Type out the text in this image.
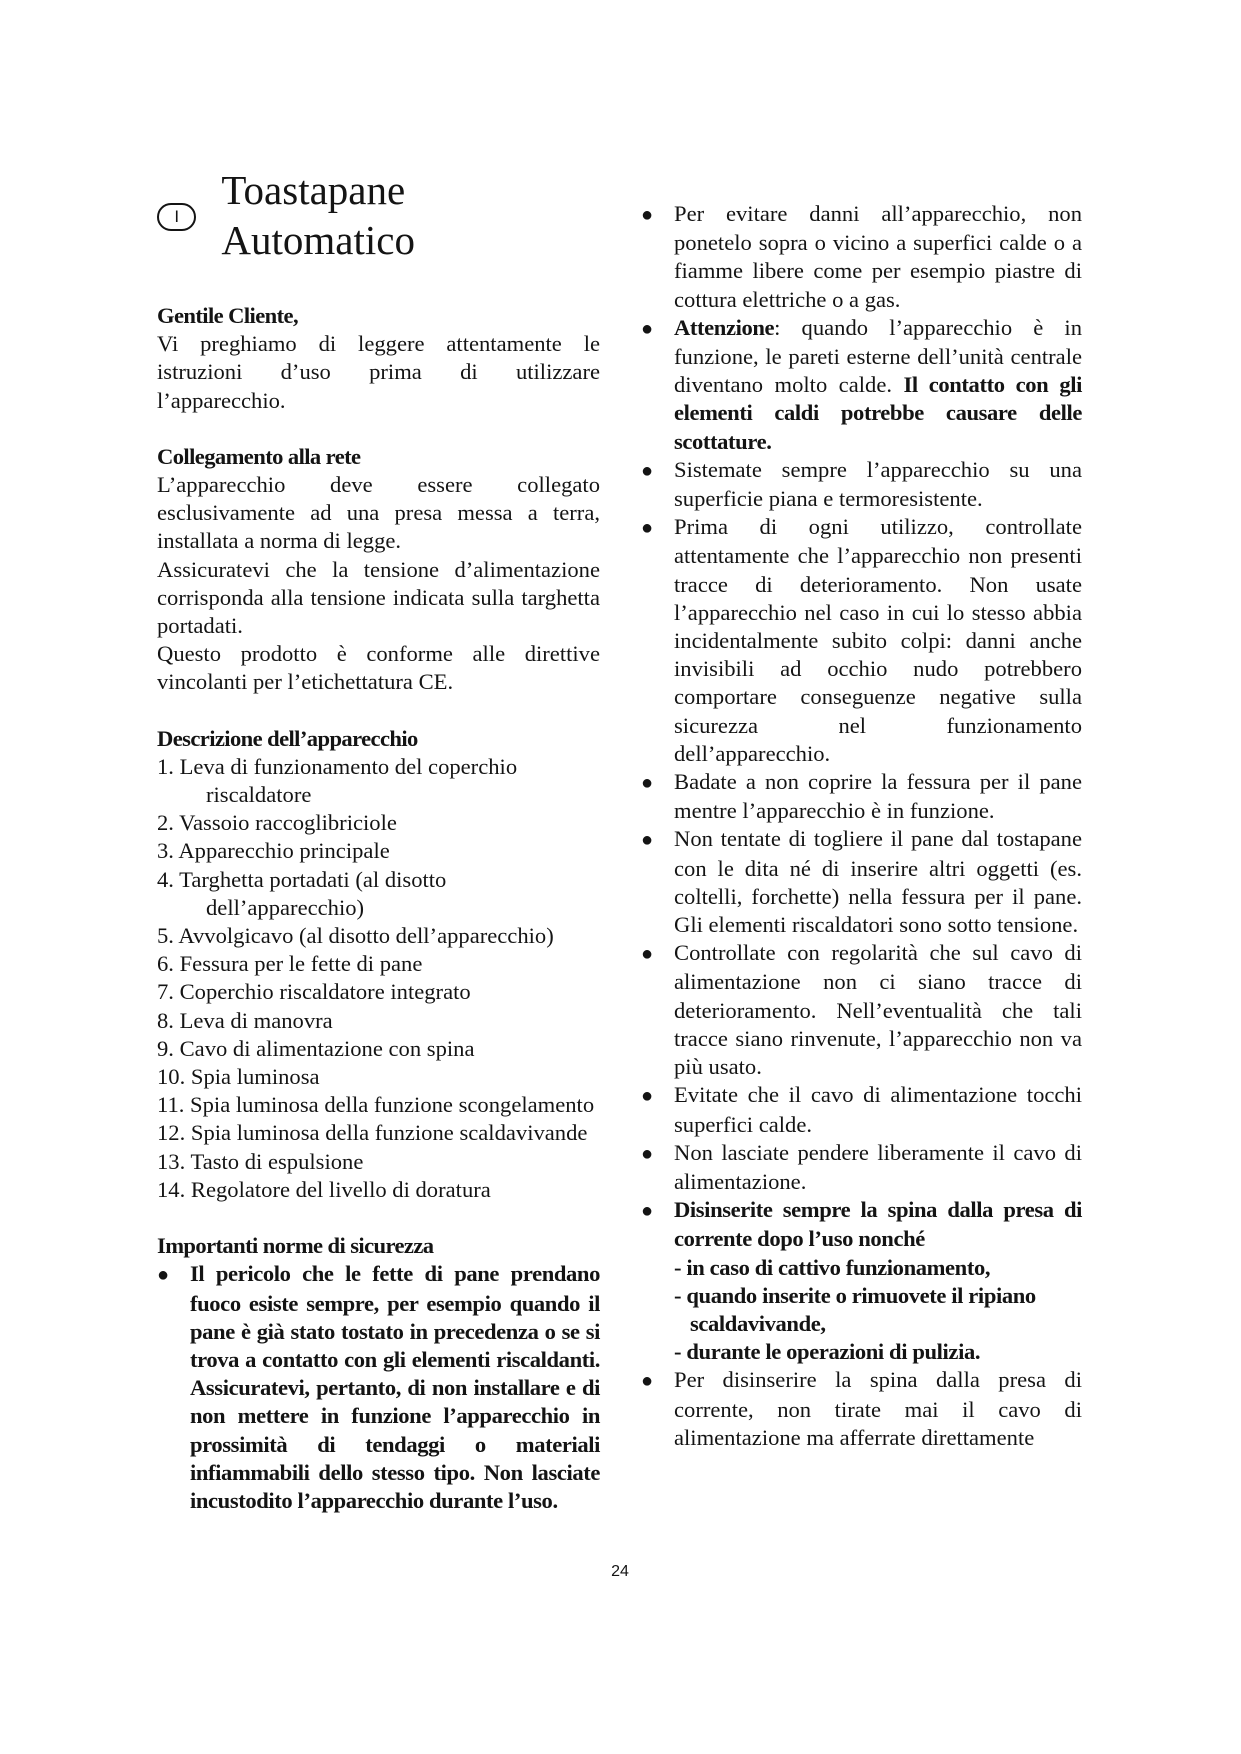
I
Toastapane Automatico
Gentile Cliente,

Vi preghiamo di leggere attentamente le istruzioni d’uso prima di utilizzare l’apparecchio.

Collegamento alla rete

L’apparecchio deve essere collegato esclusivamente ad una presa messa a terra, installata a norma di legge.

Assicuratevi che la tensione d’alimentazione corrisponda alla tensione indicata sulla targhetta portadati.

Questo prodotto è conforme alle direttive vincolanti per l’etichettatura CE.

Descrizione dell’apparecchio
1. Leva di funzionamento del coperchio riscaldatore
2. Vassoio raccoglibriciole
3. Apparecchio principale
4. Targhetta portadati (al disotto dell’apparecchio)
5. Avvolgicavo (al disotto dell’apparecchio)
6. Fessura per le fette di pane
7. Coperchio riscaldatore integrato
8. Leva di manovra
9. Cavo di alimentazione con spina
10. Spia luminosa
11. Spia luminosa della funzione scongelamento
12. Spia luminosa della funzione scaldavivande
13. Tasto di espulsione
14. Regolatore del livello di doratura
Importanti norme di sicurezza
● Il pericolo che le fette di pane prendano fuoco esiste sempre, per esempio quando il pane è già stato tostato in precedenza o se si trova a contatto con gli elementi riscaldanti. Assicuratevi, pertanto, di non installare e di non mettere in funzione l’apparecchio in prossimità di tendaggi o materiali infiammabili dello stesso tipo. Non lasciate incustodito l’apparecchio durante l’uso.
● Per evitare danni all’apparecchio, non ponetelo sopra o vicino a superfici calde o a fiamme libere come per esempio piastre di cottura elettriche o a gas.
● Attenzione: quando l’apparecchio è in funzione, le pareti esterne dell’unità centrale diventano molto calde. Il contatto con gli elementi caldi potrebbe causare delle scottature.
● Sistemate sempre l’apparecchio su una superficie piana e termoresistente.
● Prima di ogni utilizzo, controllate attentamente che l’apparecchio non presenti tracce di deterioramento. Non usate l’apparecchio nel caso in cui lo stesso abbia incidentalmente subito colpi: danni anche invisibili ad occhio nudo potrebbero comportare conseguenze negative sulla sicurezza nel funzionamento dell’apparecchio.
● Badate a non coprire la fessura per il pane mentre l’apparecchio è in funzione.
● Non tentate di togliere il pane dal tostapane con le dita né di inserire altri oggetti (es. coltelli, forchette) nella fessura per il pane. Gli elementi riscaldatori sono sotto tensione.
● Controllate con regolarità che sul cavo di alimentazione non ci siano tracce di deterioramento. Nell’eventualità che tali tracce siano rinvenute, l’apparecchio non va più usato.
● Evitate che il cavo di alimentazione tocchi superfici calde.
● Non lasciate pendere liberamente il cavo di alimentazione.
● Disinserite sempre la spina dalla presa di corrente dopo l’uso nonché
- in caso di cattivo funzionamento,
- quando inserite o rimuovete il ripiano scaldavivande,
- durante le operazioni di pulizia.
● Per disinserire la spina dalla presa di corrente, non tirate mai il cavo di alimentazione ma afferrate direttamente
24
